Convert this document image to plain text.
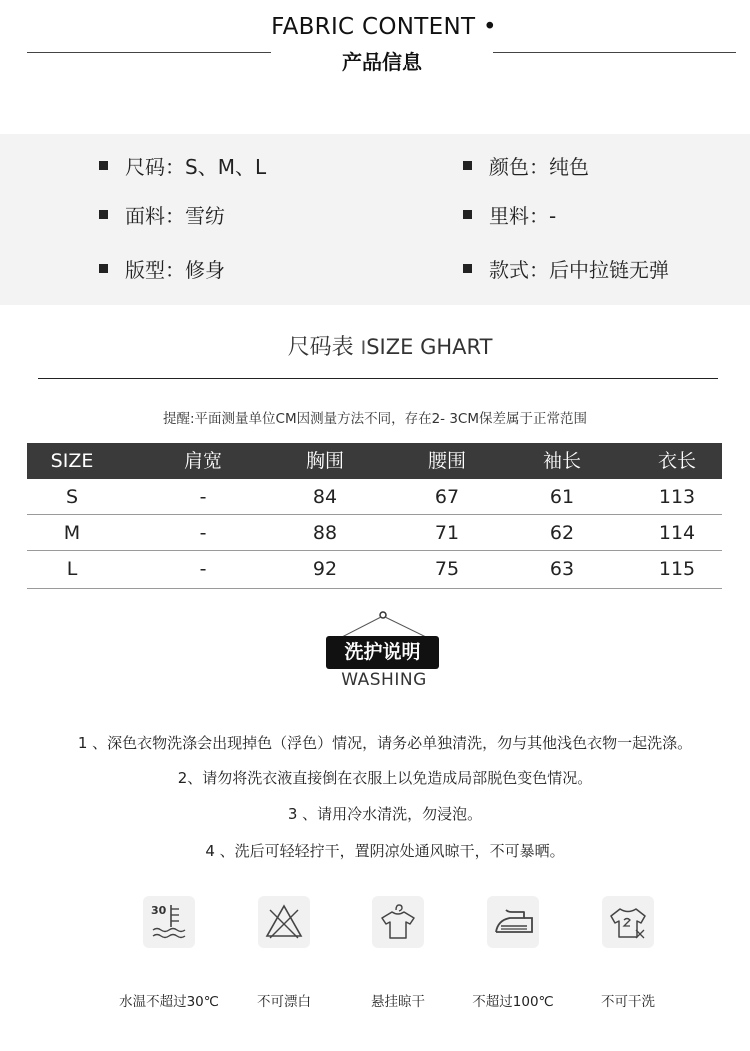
FABRIC CONTENT •
产品信息
尺码：S、M、L	颜色：纯色
面料：雪纺	里料：-
版型：修身	款式：后中拉链无弹
尺码表 ISIZE GHART
提醒:平面测量单位CM因测量方法不同，存在2- 3CM保差属于正常范围
SIZE	肩宽	胸围	腰围	袖长	衣长
S	-	84	67	61	113
M	-	88	71	62	114
L	-	92	75	63	115
洗护说明
WASHING
1 、深色衣物洗涤会出现掉色（浮色）情况，请务必单独清洗，勿与其他浅色衣物一起洗涤。
2、请勿将洗衣液直接倒在衣服上以免造成局部脱色变色情况。
3 、请用冷水清洗，勿浸泡。
4 、洗后可轻轻拧干，置阴凉处通风晾干，不可暴晒。
30
水温不超过30℃	不可漂白	悬挂晾干	不超过100℃	不可干洗
